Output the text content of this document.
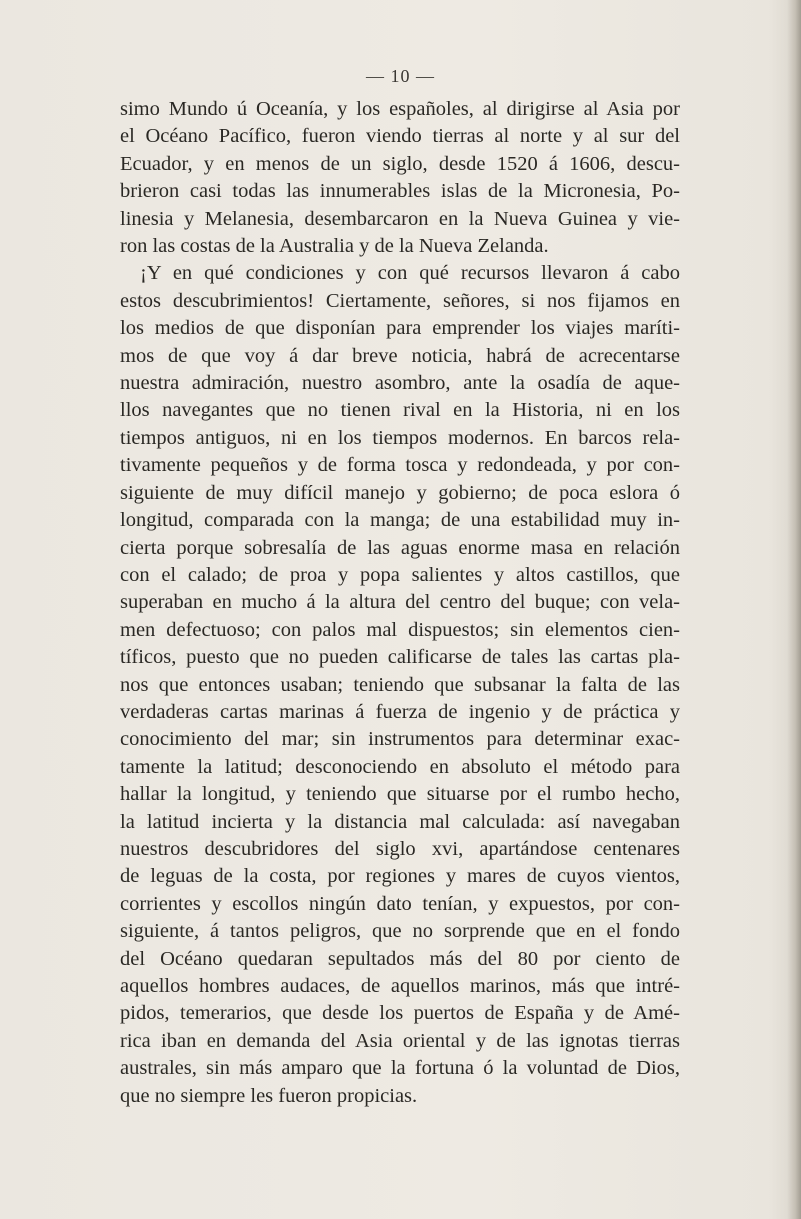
— 10 —
simo Mundo ú Oceanía, y los españoles, al dirigirse al Asia por
el Océano Pacífico, fueron viendo tierras al norte y al sur del
Ecuador, y en menos de un siglo, desde 1520 á 1606, descu-
brieron casi todas las innumerables islas de la Micronesia, Po-
linesia y Melanesia, desembarcaron en la Nueva Guinea y vie-
ron las costas de la Australia y de la Nueva Zelanda.
¡Y en qué condiciones y con qué recursos llevaron á cabo
estos descubrimientos! Ciertamente, señores, si nos fijamos en
los medios de que disponían para emprender los viajes maríti-
mos de que voy á dar breve noticia, habrá de acrecentarse
nuestra admiración, nuestro asombro, ante la osadía de aque-
llos navegantes que no tienen rival en la Historia, ni en los
tiempos antiguos, ni en los tiempos modernos. En barcos rela-
tivamente pequeños y de forma tosca y redondeada, y por con-
siguiente de muy difícil manejo y gobierno; de poca eslora ó
longitud, comparada con la manga; de una estabilidad muy in-
cierta porque sobresalía de las aguas enorme masa en relación
con el calado; de proa y popa salientes y altos castillos, que
superaban en mucho á la altura del centro del buque; con vela-
men defectuoso; con palos mal dispuestos; sin elementos cien-
tíficos, puesto que no pueden calificarse de tales las cartas pla-
nos que entonces usaban; teniendo que subsanar la falta de las
verdaderas cartas marinas á fuerza de ingenio y de práctica y
conocimiento del mar; sin instrumentos para determinar exac-
tamente la latitud; desconociendo en absoluto el método para
hallar la longitud, y teniendo que situarse por el rumbo hecho,
la latitud incierta y la distancia mal calculada: así navegaban
nuestros descubridores del siglo xvi, apartándose centenares
de leguas de la costa, por regiones y mares de cuyos vientos,
corrientes y escollos ningún dato tenían, y expuestos, por con-
siguiente, á tantos peligros, que no sorprende que en el fondo
del Océano quedaran sepultados más del 80 por ciento de
aquellos hombres audaces, de aquellos marinos, más que intré-
pidos, temerarios, que desde los puertos de España y de Amé-
rica iban en demanda del Asia oriental y de las ignotas tierras
australes, sin más amparo que la fortuna ó la voluntad de Dios,
que no siempre les fueron propicias.
